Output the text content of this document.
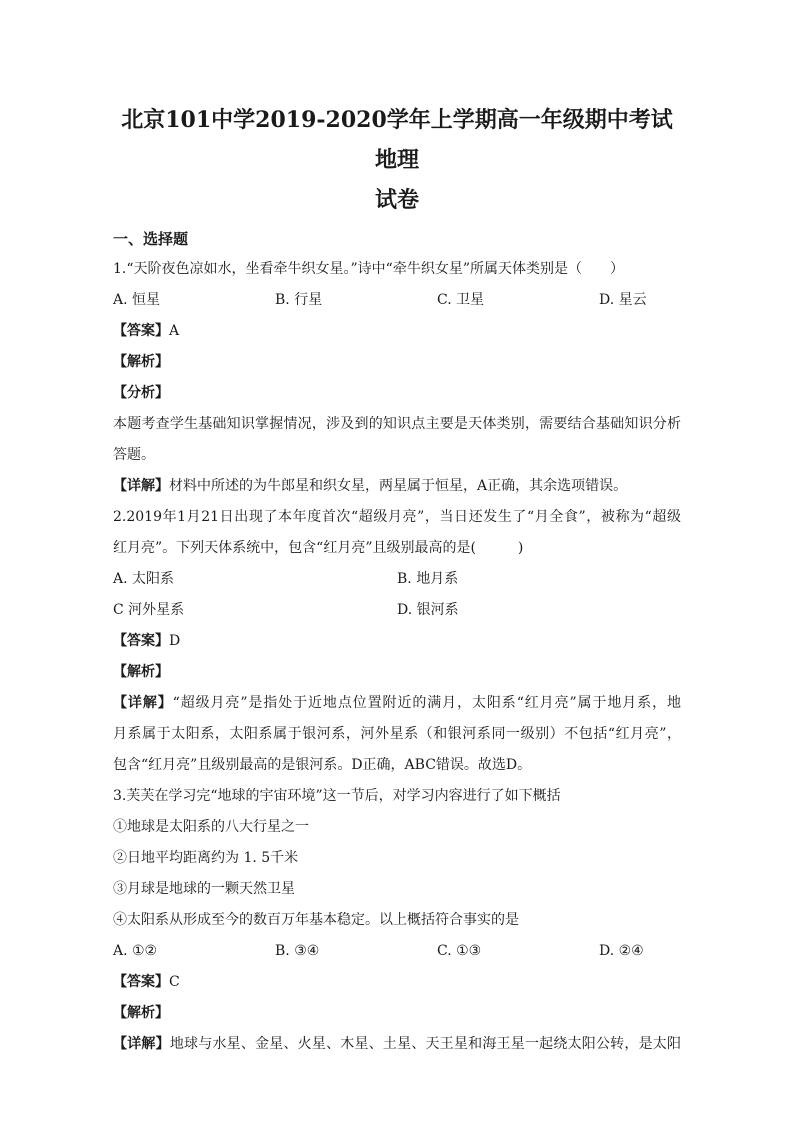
北京101中学2019-2020学年上学期高一年级期中考试地理
试卷
一、选择题
1.“天阶夜色凉如水，坐看牵牛织女星。”诗中“牵牛织女星”所属天体类别是（　　）
A. 恒星	B. 行星	C. 卫星	D. 星云
【答案】A
【解析】
【分析】
本题考查学生基础知识掌握情况，涉及到的知识点主要是天体类别，需要结合基础知识分析
答题。
【详解】材料中所述的为牛郎星和织女星，两星属于恒星，A正确，其余选项错误。
2.2019年1月21日出现了本年度首次“超级月亮”，当日还发生了“月全食”，被称为“超级
红月亮”。下列天体系统中，包含“红月亮”且级别最高的是(　　　)
A. 太阳系	B. 地月系
C 河外星系	D. 银河系
【答案】D
【解析】
【详解】“超级月亮”是指处于近地点位置附近的满月，太阳系“红月亮”属于地月系，地
月系属于太阳系，太阳系属于银河系，河外星系（和银河系同一级别）不包括“红月亮”，
包含“红月亮”且级别最高的是银河系。D正确，ABC错误。故选D。
3.芙芙在学习完“地球的宇宙环境”这一节后，对学习内容进行了如下概括
①地球是太阳系的八大行星之一
②日地平均距离约为 1. 5千米
③月球是地球的一颗天然卫星
④太阳系从形成至今的数百万年基本稳定。以上概括符合事实的是
A. ①②	B. ③④	C. ①③	D. ②④
【答案】C
【解析】
【详解】地球与水星、金星、火星、木星、土星、天王星和海王星一起绕太阳公转，是太阳
